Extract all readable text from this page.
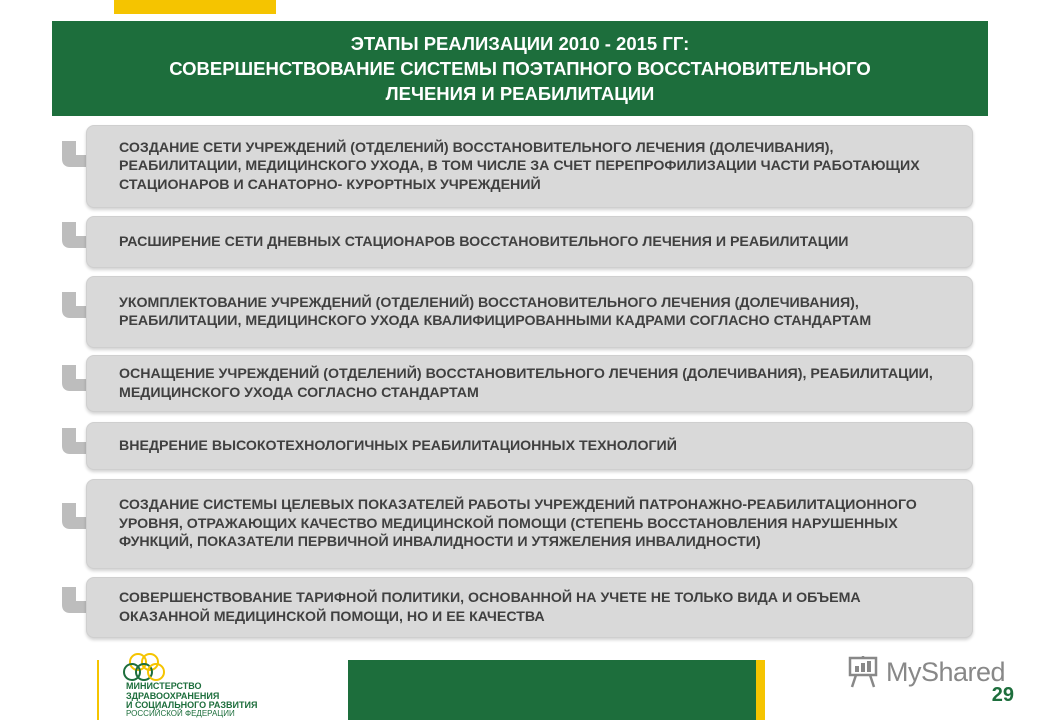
ЭТАПЫ РЕАЛИЗАЦИИ 2010 - 2015 ГГ:
СОВЕРШЕНСТВОВАНИЕ СИСТЕМЫ ПОЭТАПНОГО ВОССТАНОВИТЕЛЬНОГО
ЛЕЧЕНИЯ И РЕАБИЛИТАЦИИ
СОЗДАНИЕ СЕТИ УЧРЕЖДЕНИЙ (ОТДЕЛЕНИЙ) ВОССТАНОВИТЕЛЬНОГО ЛЕЧЕНИЯ (ДОЛЕЧИВАНИЯ), РЕАБИЛИТАЦИИ, МЕДИЦИНСКОГО УХОДА, В ТОМ ЧИСЛЕ ЗА СЧЕТ ПЕРЕПРОФИЛИЗАЦИИ ЧАСТИ РАБОТАЮЩИХ СТАЦИОНАРОВ И САНАТОРНО- КУРОРТНЫХ УЧРЕЖДЕНИЙ
РАСШИРЕНИЕ СЕТИ ДНЕВНЫХ СТАЦИОНАРОВ ВОССТАНОВИТЕЛЬНОГО ЛЕЧЕНИЯ И РЕАБИЛИТАЦИИ
УКОМПЛЕКТОВАНИЕ УЧРЕЖДЕНИЙ (ОТДЕЛЕНИЙ) ВОССТАНОВИТЕЛЬНОГО ЛЕЧЕНИЯ (ДОЛЕЧИВАНИЯ), РЕАБИЛИТАЦИИ, МЕДИЦИНСКОГО УХОДА КВАЛИФИЦИРОВАННЫМИ КАДРАМИ СОГЛАСНО СТАНДАРТАМ
ОСНАЩЕНИЕ УЧРЕЖДЕНИЙ (ОТДЕЛЕНИЙ) ВОССТАНОВИТЕЛЬНОГО ЛЕЧЕНИЯ (ДОЛЕЧИВАНИЯ), РЕАБИЛИТАЦИИ, МЕДИЦИНСКОГО УХОДА СОГЛАСНО СТАНДАРТАМ
ВНЕДРЕНИЕ ВЫСОКОТЕХНОЛОГИЧНЫХ РЕАБИЛИТАЦИОННЫХ ТЕХНОЛОГИЙ
СОЗДАНИЕ СИСТЕМЫ ЦЕЛЕВЫХ ПОКАЗАТЕЛЕЙ РАБОТЫ УЧРЕЖДЕНИЙ ПАТРОНАЖНО-РЕАБИЛИТАЦИОННОГО УРОВНЯ, ОТРАЖАЮЩИХ КАЧЕСТВО МЕДИЦИНСКОЙ ПОМОЩИ (СТЕПЕНЬ ВОССТАНОВЛЕНИЯ НАРУШЕННЫХ ФУНКЦИЙ, ПОКАЗАТЕЛИ ПЕРВИЧНОЙ ИНВАЛИДНОСТИ И УТЯЖЕЛЕНИЯ ИНВАЛИДНОСТИ)
СОВЕРШЕНСТВОВАНИЕ ТАРИФНОЙ ПОЛИТИКИ, ОСНОВАННОЙ НА УЧЕТЕ НЕ ТОЛЬКО ВИДА И ОБЪЕМА ОКАЗАННОЙ МЕДИЦИНСКОЙ ПОМОЩИ, НО И ЕЕ КАЧЕСТВА
МИНИСТЕРСТВО
ЗДРАВООХРАНЕНИЯ
И СОЦИАЛЬНОГО РАЗВИТИЯ
РОССИЙСКОЙ ФЕДЕРАЦИИ
MyShared
29
